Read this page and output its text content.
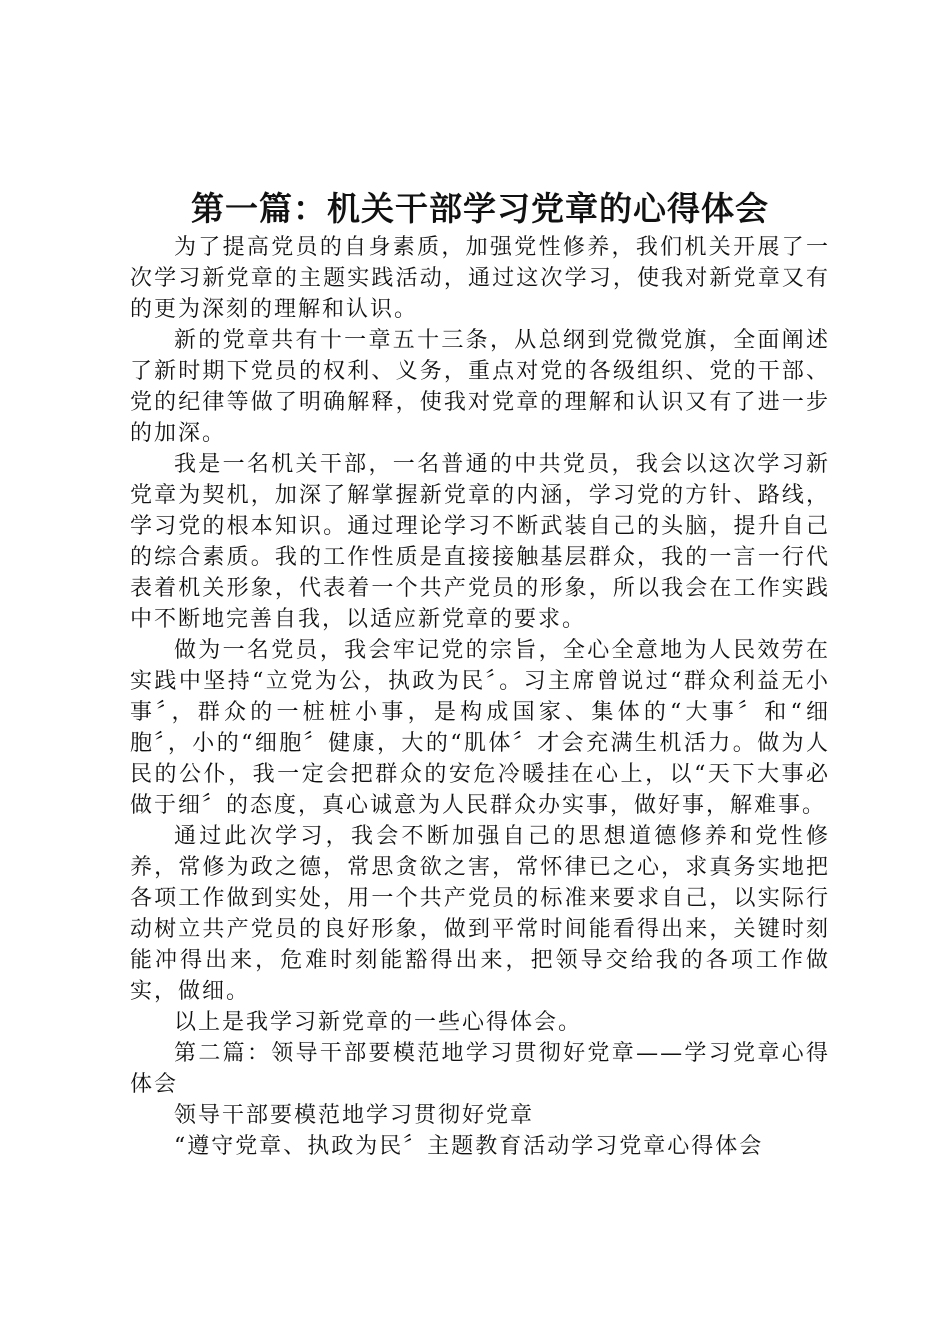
第一篇：机关干部学习党章的心得体会

为了提高党员的自身素质，加强党性修养，我们机关开展了一次学习新党章的主题实践活动，通过这次学习，使我对新党章又有的更为深刻的理解和认识。

新的党章共有十一章五十三条，从总纲到党微党旗，全面阐述了新时期下党员的权利、义务，重点对党的各级组织、党的干部、党的纪律等做了明确解释，使我对党章的理解和认识又有了进一步的加深。

我是一名机关干部，一名普通的中共党员，我会以这次学习新党章为契机，加深了解掌握新党章的内涵，学习党的方针、路线，学习党的根本知识。通过理论学习不断武装自己的头脑，提升自己的综合素质。我的工作性质是直接接触基层群众，我的一言一行代表着机关形象，代表着一个共产党员的形象，所以我会在工作实践中不断地完善自我，以适应新党章的要求。

做为一名党员，我会牢记党的宗旨，全心全意地为人民效劳在实践中坚持“立党为公，执政为民〞。习主席曾说过“群众利益无小事〞，群众的一桩桩小事，是构成国家、集体的“大事〞和“细胞〞，小的“细胞〞健康，大的“肌体〞才会充满生机活力。做为人民的公仆，我一定会把群众的安危冷暖挂在心上，以“天下大事必做于细〞的态度，真心诚意为人民群众办实事，做好事，解难事。

通过此次学习，我会不断加强自己的思想道德修养和党性修养，常修为政之德，常思贪欲之害，常怀律已之心，求真务实地把各项工作做到实处，用一个共产党员的标准来要求自己，以实际行动树立共产党员的良好形象，做到平常时间能看得出来，关键时刻能冲得出来，危难时刻能豁得出来，把领导交给我的各项工作做实，做细。

以上是我学习新党章的一些心得体会。

第二篇：领导干部要模范地学习贯彻好党章——学习党章心得体会

领导干部要模范地学习贯彻好党章

“遵守党章、执政为民〞主题教育活动学习党章心得体会
